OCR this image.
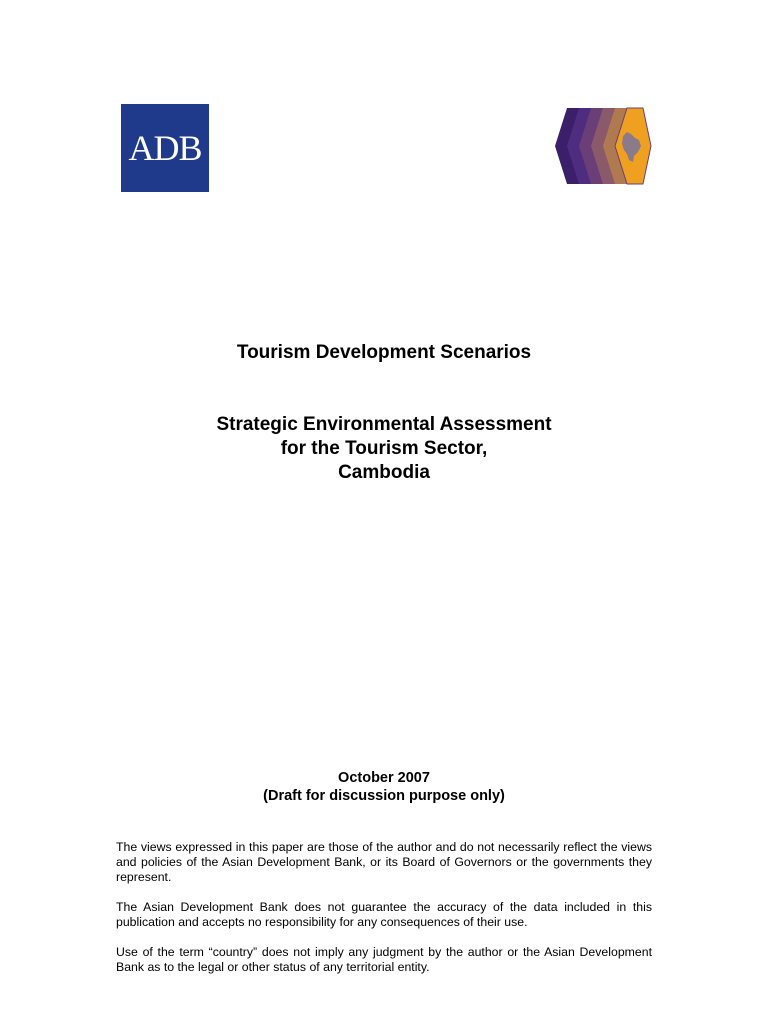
ADB
Tourism Development Scenarios
Strategic Environmental Assessment
for the Tourism Sector,
Cambodia
October 2007
(Draft for discussion purpose only)

The views expressed in this paper are those of the author and do not necessarily reflect the views and policies of the Asian Development Bank, or its Board of Governors or the governments they represent.

The Asian Development Bank does not guarantee the accuracy of the data included in this publication and accepts no responsibility for any consequences of their use.

Use of the term “country” does not imply any judgment by the author or the Asian Development Bank as to the legal or other status of any territorial entity.
